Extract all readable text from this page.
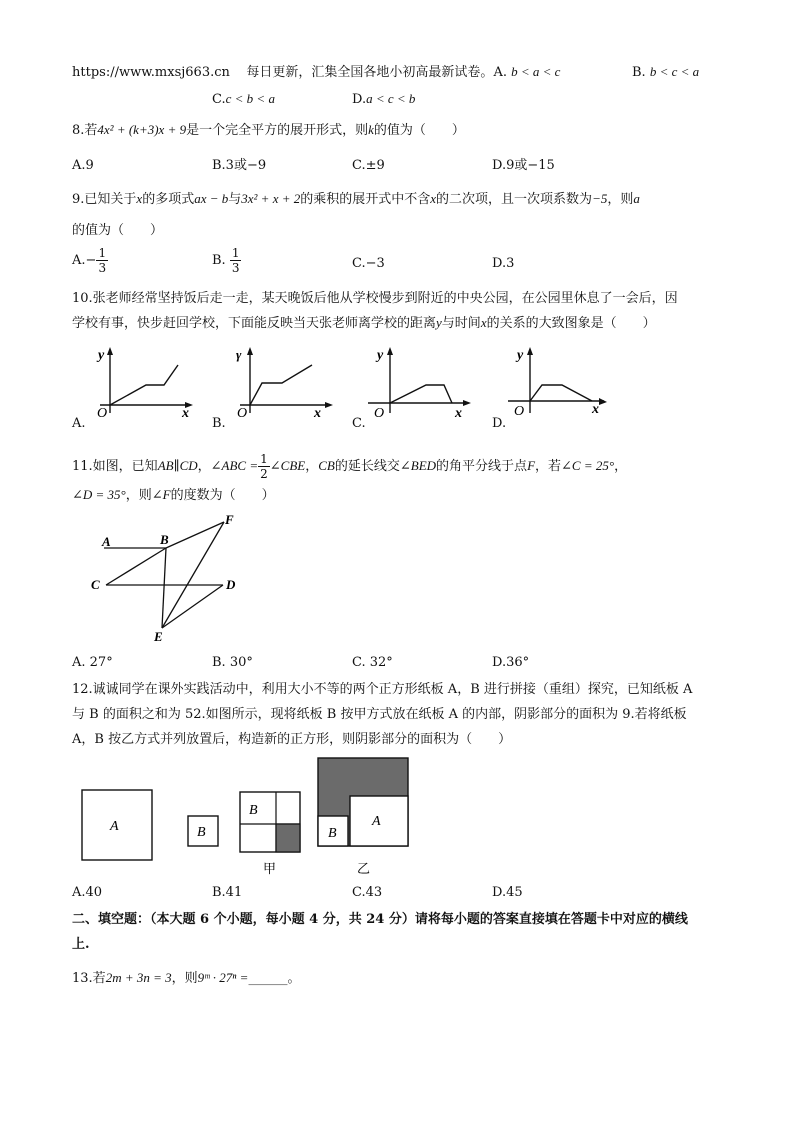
https://www.mxsj663.cn 每日更新，汇集全国各地小初高最新试卷。A. b < a < c	B. b < c < a
C.c < b < a	D.a < c < b
8.若4x² + (k+3)x + 9是一个完全平方的展开形式，则k的值为（　　）
A.9	B.3或−9	C.±9	D.9或−15
9.已知关于x的多项式ax − b与3x² + x + 2的乘积的展开式中不含x的二次项，且一次项系数为−5，则a
的值为（　　）
$A.- \frac{1}{3}$	B. $\frac{1}{3}$	C.−3	D.3
10.张老师经常坚持饭后走一走，某天晚饭后他从学校慢步到附近的中央公园，在公园里休息了一会后，因
学校有事，快步赶回学校，下面能反映当天张老师离学校的距离y与时间x的关系的大致图象是（　　）
y
O	x
γ
O	x
y
O	x
y
O	x
A.	B.	C.	D.
11.如图，已知AB∥CD，∠ABC = $\frac{1}{2}$ ∠CBE，CB的延长线交∠BED的角平分线于点F，若∠C = 25°，
∠D = 35°，则∠F的度数为（　　）
A	B
C	D
E
F
A. 27°	B. 30°	C. 32°	D.36°
12.诚诚同学在课外实践活动中，利用大小不等的两个正方形纸板 A，B 进行拼接（重组）探究，已知纸板 A
与 B 的面积之和为 52.如图所示，现将纸板 B 按甲方式放在纸板 A 的内部，阴影部分的面积为 9.若将纸板
A，B 按乙方式并列放置后，构造新的正方形，则阴影部分的面积为（　　）
A	B
B
甲
B
A
乙
A.40	B.41	C.43	D.45
二、填空题：（本大题 6 个小题，每小题 4 分，共 24 分）请将每小题的答案直接填在答题卡中对应的横线
上.
13.若2m + 3n = 3，则9ᵐ · 27ⁿ =______。
